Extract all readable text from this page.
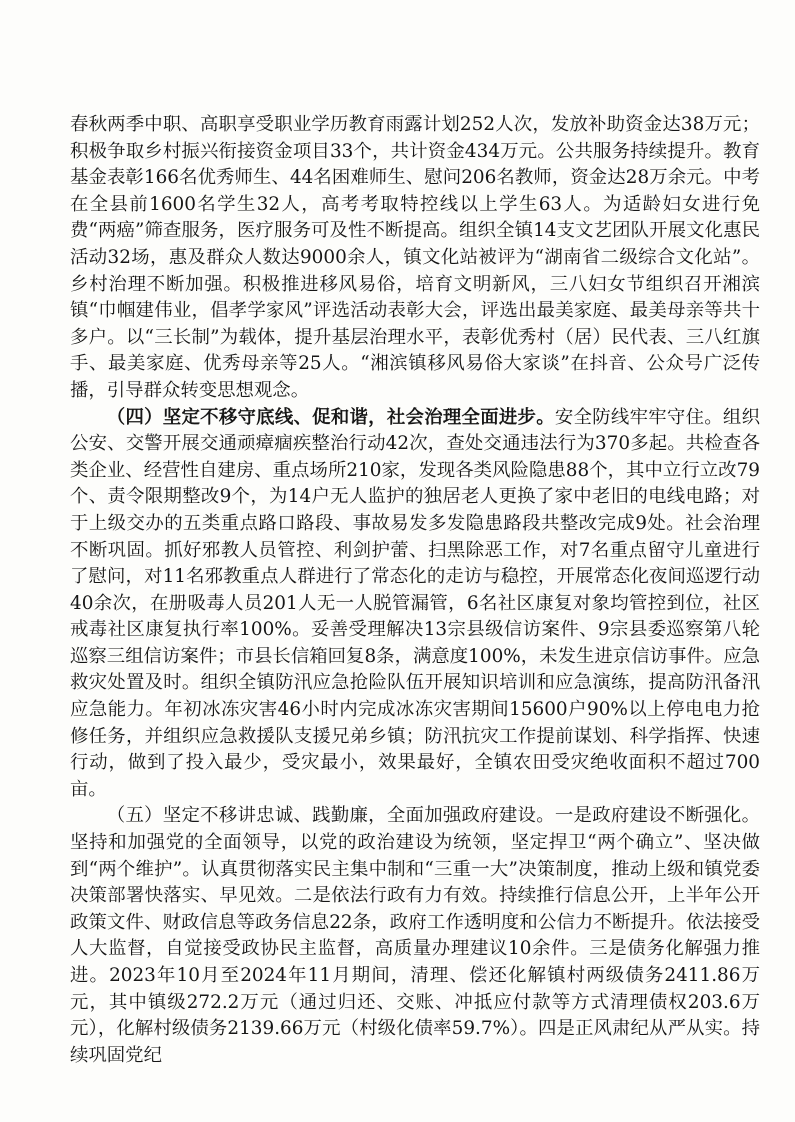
春秋两季中职、高职享受职业学历教育雨露计划252人次，发放补助资金达38万元；积极争取乡村振兴衔接资金项目33个，共计资金434万元。公共服务持续提升。教育基金表彰166名优秀师生、44名困难师生、慰问206名教师，资金达28万余元。中考在全县前1600名学生32人，高考考取特控线以上学生63人。为适龄妇女进行免费“两癌”筛查服务，医疗服务可及性不断提高。组织全镇14支文艺团队开展文化惠民活动32场，惠及群众人数达9000余人，镇文化站被评为“湖南省二级综合文化站”。乡村治理不断加强。积极推进移风易俗，培育文明新风，三八妇女节组织召开湘滨镇“巾帼建伟业，倡孝学家风”评选活动表彰大会，评选出最美家庭、最美母亲等共十多户。以“三长制”为载体，提升基层治理水平，表彰优秀村（居）民代表、三八红旗手、最美家庭、优秀母亲等25人。“湘滨镇移风易俗大家谈”在抖音、公众号广泛传播，引导群众转变思想观念。

（四）坚定不移守底线、促和谐，社会治理全面进步。安全防线牢牢守住。组织公安、交警开展交通顽瘴痼疾整治行动42次，查处交通违法行为370多起。共检查各类企业、经营性自建房、重点场所210家，发现各类风险隐患88个，其中立行立改79个、责令限期整改9个，为14户无人监护的独居老人更换了家中老旧的电线电路；对于上级交办的五类重点路口路段、事故易发多发隐患路段共整改完成9处。社会治理不断巩固。抓好邪教人员管控、利剑护蕾、扫黑除恶工作，对7名重点留守儿童进行了慰问，对11名邪教重点人群进行了常态化的走访与稳控，开展常态化夜间巡逻行动40余次，在册吸毒人员201人无一人脱管漏管，6名社区康复对象均管控到位，社区戒毒社区康复执行率100%。妥善受理解决13宗县级信访案件、9宗县委巡察第八轮巡察三组信访案件；市县长信箱回复8条，满意度100%，未发生进京信访事件。应急救灾处置及时。组织全镇防汛应急抢险队伍开展知识培训和应急演练，提高防汛备汛应急能力。年初冰冻灾害46小时内完成冰冻灾害期间15600户90%以上停电电力抢修任务，并组织应急救援队支援兄弟乡镇；防汛抗灾工作提前谋划、科学指挥、快速行动，做到了投入最少，受灾最小，效果最好，全镇农田受灾绝收面积不超过700亩。

（五）坚定不移讲忠诚、践勤廉，全面加强政府建设。一是政府建设不断强化。坚持和加强党的全面领导，以党的政治建设为统领，坚定捍卫“两个确立”、坚决做到“两个维护”。认真贯彻落实民主集中制和“三重一大”决策制度，推动上级和镇党委决策部署快落实、早见效。二是依法行政有力有效。持续推行信息公开，上半年公开政策文件、财政信息等政务信息22条，政府工作透明度和公信力不断提升。依法接受人大监督，自觉接受政协民主监督，高质量办理建议10余件。三是债务化解强力推进。2023年10月至2024年11月期间，清理、偿还化解镇村两级债务2411.86万元，其中镇级272.2万元（通过归还、交账、冲抵应付款等方式清理债权203.6万元），化解村级债务2139.66万元（村级化债率59.7%）。四是正风肃纪从严从实。持续巩固党纪
